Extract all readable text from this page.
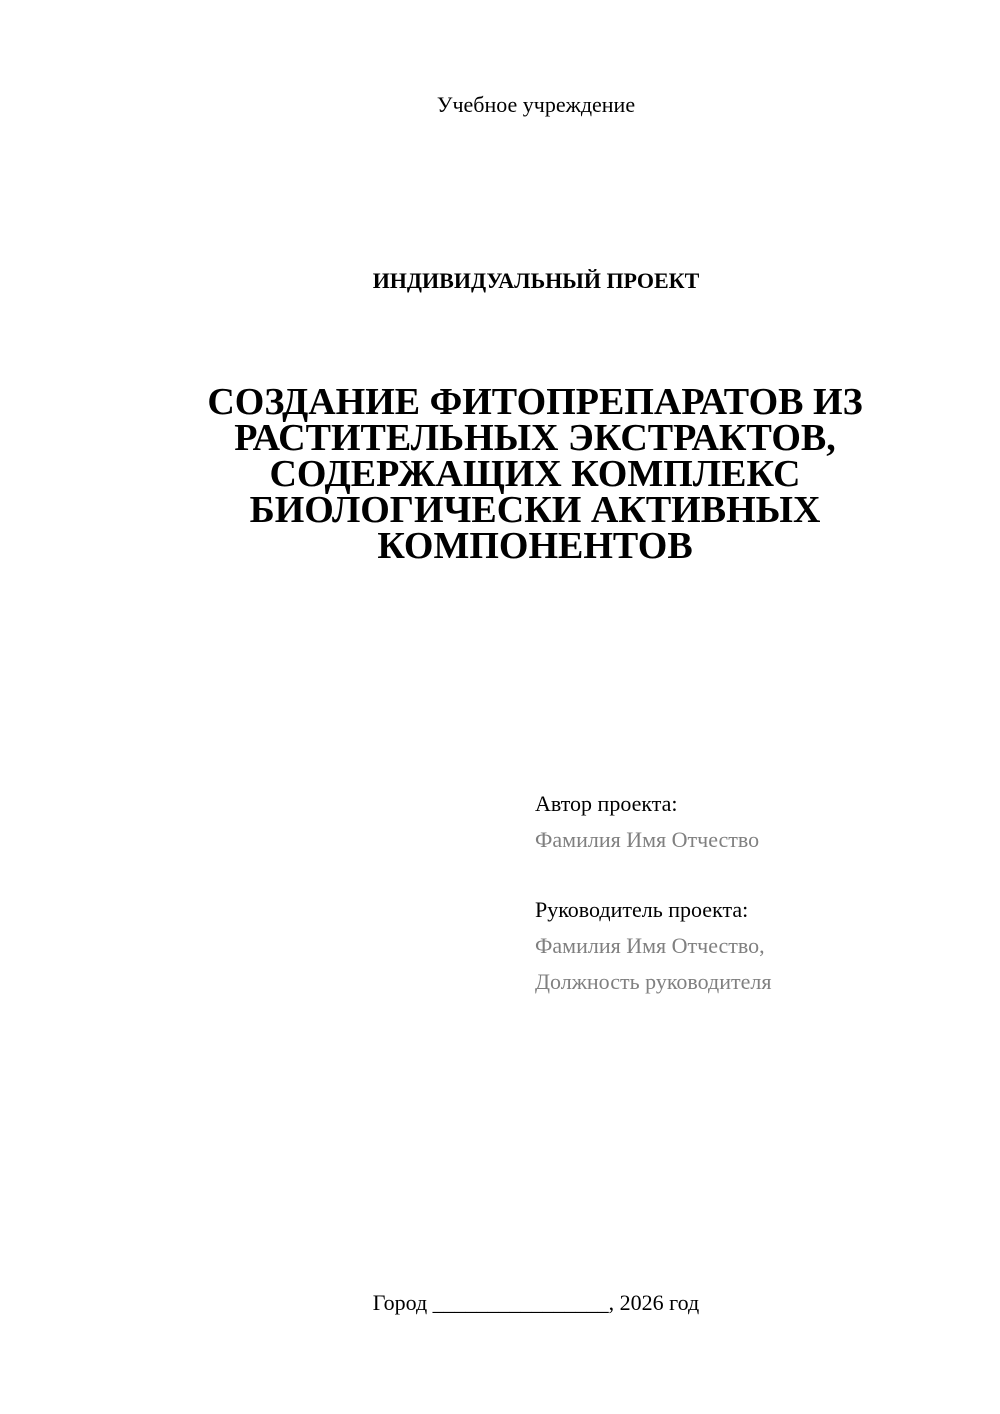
Учебное учреждение
ИНДИВИДУАЛЬНЫЙ ПРОЕКТ
СОЗДАНИЕ ФИТОПРЕПАРАТОВ ИЗ
РАСТИТЕЛЬНЫХ ЭКСТРАКТОВ,
СОДЕРЖАЩИХ КОМПЛЕКС
БИОЛОГИЧЕСКИ АКТИВНЫХ
КОМПОНЕНТОВ
Автор проекта:
Фамилия Имя Отчество
Руководитель проекта:
Фамилия Имя Отчество,
Должность руководителя
Город ________________, 2026 год
